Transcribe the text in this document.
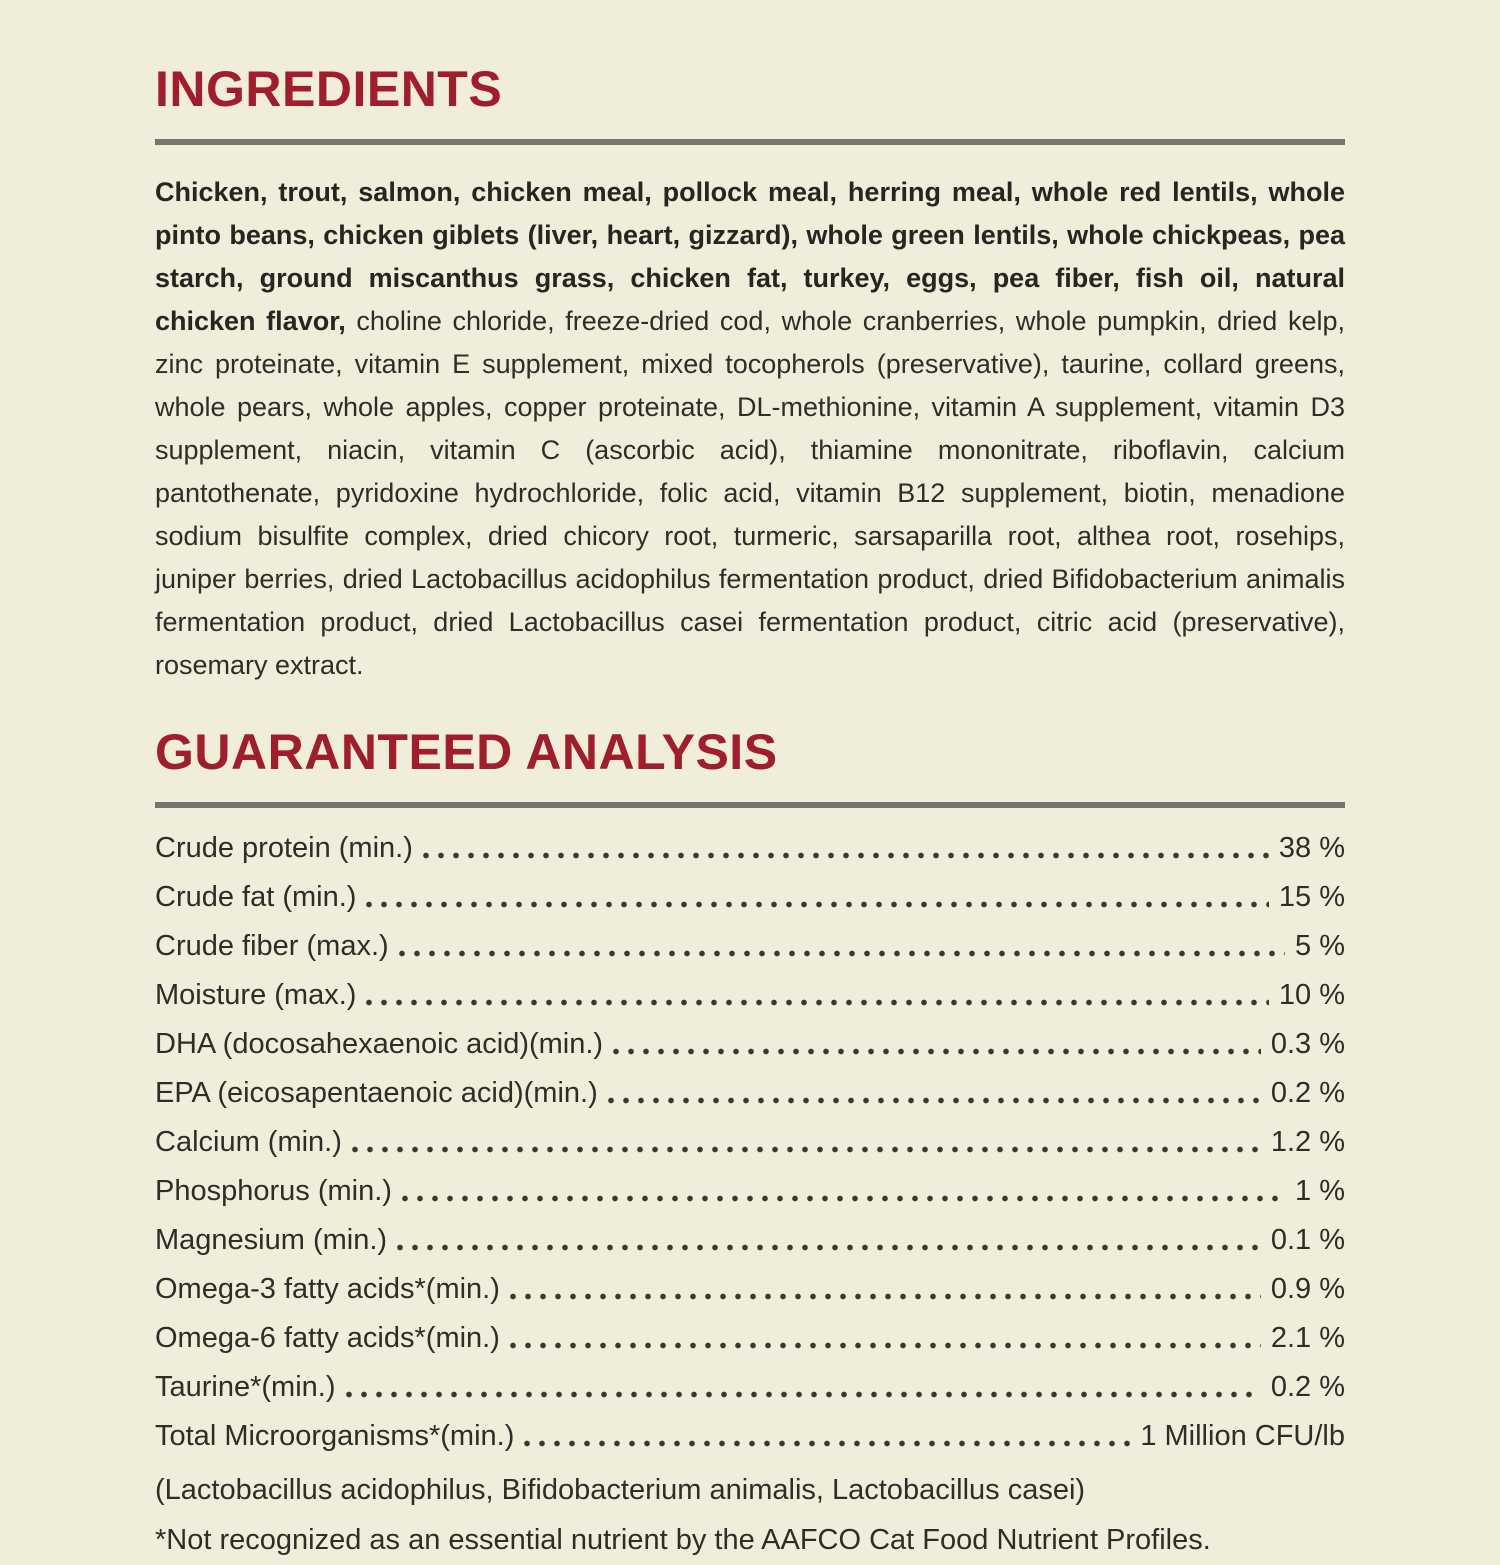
INGREDIENTS

Chicken, trout, salmon, chicken meal, pollock meal, herring meal, whole red lentils, whole pinto beans, chicken giblets (liver, heart, gizzard), whole green lentils, whole chickpeas, pea starch, ground miscanthus grass, chicken fat, turkey, eggs, pea fiber, fish oil, natural chicken flavor, choline chloride, freeze-dried cod, whole cranberries, whole pumpkin, dried kelp, zinc proteinate, vitamin E supplement, mixed tocopherols (preservative), taurine, collard greens, whole pears, whole apples, copper proteinate, DL-methionine, vitamin A supplement, vitamin D3 supplement, niacin, vitamin C (ascorbic acid), thiamine mononitrate, riboflavin, calcium pantothenate, pyridoxine hydrochloride, folic acid, vitamin B12 supplement, biotin, menadione sodium bisulfite complex, dried chicory root, turmeric, sarsaparilla root, althea root, rosehips, juniper berries, dried Lactobacillus acidophilus fermentation product, dried Bifidobacterium animalis fermentation product, dried Lactobacillus casei fermentation product, citric acid (preservative), rosemary extract.

GUARANTEED ANALYSIS
Crude protein (min.)	38 %
Crude fat (min.)	15 %
Crude fiber (max.)	5 %
Moisture (max.)	10 %
DHA (docosahexaenoic acid)(min.)	0.3 %
EPA (eicosapentaenoic acid)(min.)	0.2 %
Calcium (min.)	1.2 %
Phosphorus (min.)	1 %
Magnesium (min.)	0.1 %
Omega-3 fatty acids*(min.)	0.9 %
Omega-6 fatty acids*(min.)	2.1 %
Taurine*(min.)	0.2 %
Total Microorganisms*(min.)	1 Million CFU/lb

(Lactobacillus acidophilus, Bifidobacterium animalis, Lactobacillus casei)

*Not recognized as an essential nutrient by the AAFCO Cat Food Nutrient Profiles.
